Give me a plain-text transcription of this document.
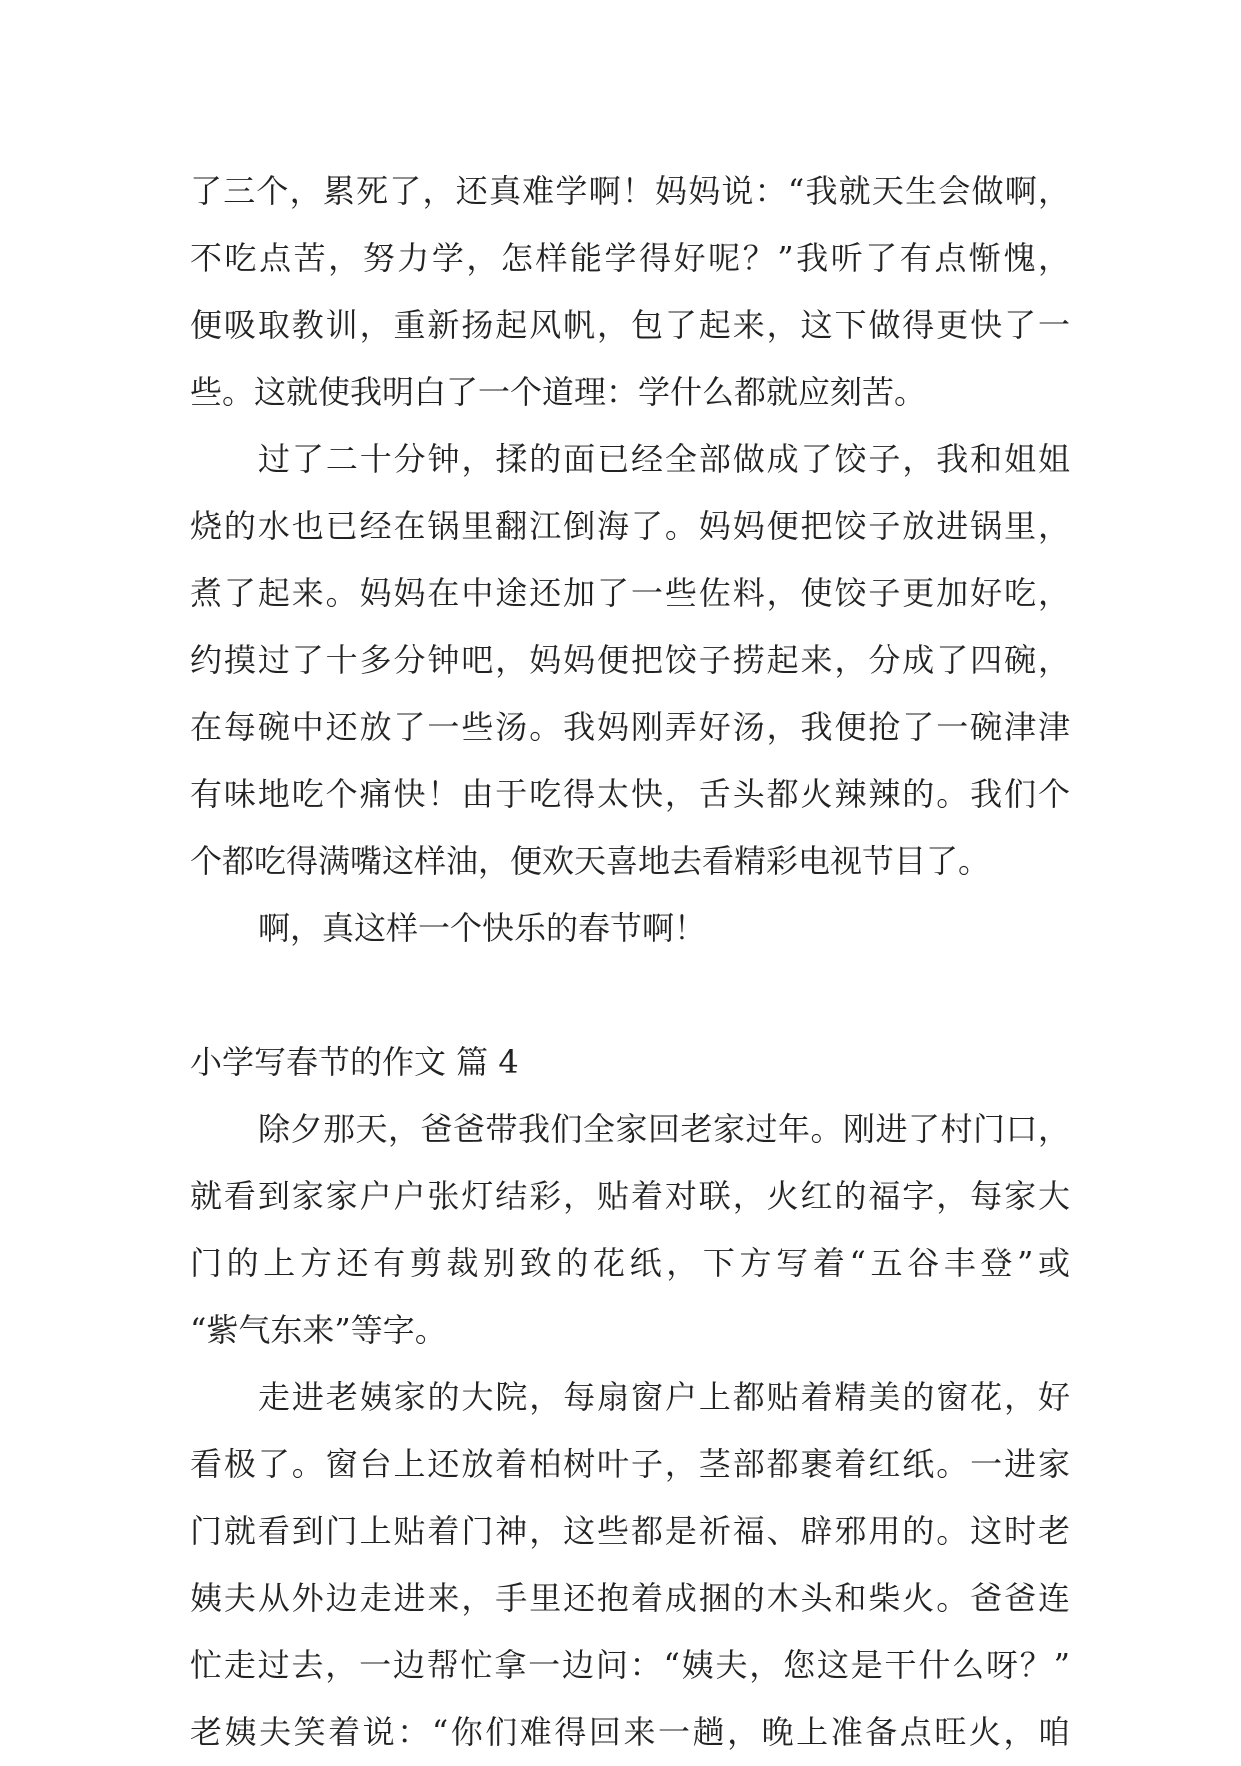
了三个，累死了，还真难学啊！妈妈说：“我就天生会做啊，
不吃点苦，努力学，怎样能学得好呢？”我听了有点惭愧，
便吸取教训，重新扬起风帆，包了起来，这下做得更快了一
些。这就使我明白了一个道理：学什么都就应刻苦。
过了二十分钟，揉的面已经全部做成了饺子，我和姐姐
烧的水也已经在锅里翻江倒海了。妈妈便把饺子放进锅里，
煮了起来。妈妈在中途还加了一些佐料，使饺子更加好吃，
约摸过了十多分钟吧，妈妈便把饺子捞起来，分成了四碗，
在每碗中还放了一些汤。我妈刚弄好汤，我便抢了一碗津津
有味地吃个痛快！由于吃得太快，舌头都火辣辣的。我们个
个都吃得满嘴这样油，便欢天喜地去看精彩电视节目了。
啊，真这样一个快乐的春节啊！
小学写春节的作文 篇 4
除夕那天，爸爸带我们全家回老家过年。刚进了村门口，
就看到家家户户张灯结彩，贴着对联，火红的福字，每家大
门的上方还有剪裁别致的花纸，下方写着“五谷丰登”或
“紫气东来”等字。
走进老姨家的大院，每扇窗户上都贴着精美的窗花，好
看极了。窗台上还放着柏树叶子，茎部都裹着红纸。一进家
门就看到门上贴着门神，这些都是祈福、辟邪用的。这时老
姨夫从外边走进来，手里还抱着成捆的木头和柴火。爸爸连
忙走过去，一边帮忙拿一边问：“姨夫，您这是干什么呀？”
老姨夫笑着说：“你们难得回来一趟，晚上准备点旺火，咱
